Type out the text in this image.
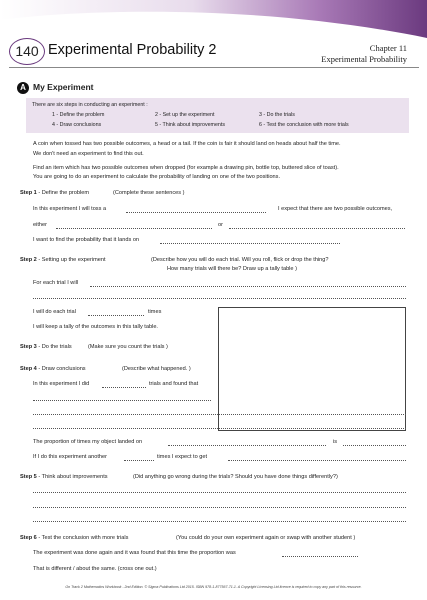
140 Experimental Probability 2	Chapter 11
Experimental Probability
A My Experiment
There are six steps in conducting an experiment :
1 - Define the problem	2 - Set up the experiment	3 - Do the trials
4 - Draw conclusions	5 - Think about improvements	6 - Test the conclusion with more trials
A coin when tossed has two possible outcomes, a head or a tail. If the coin is fair it should land on heads about half the time.
We don't need an experiment to find this out.
Find an item which has two possible outcomes when dropped (for example a drawing pin, bottle top, buttered slice of toast).
You are going to do an experiment to calculate the probability of landing on one of the two positions.
Step 1 - Define the problem	(Complete these sentences )
In this experiment I will toss a	I expect that there are two possible outcomes,
either	or
I want to find the probability that it lands on
Step 2 - Setting up the experiment	(Describe how you will do each trial. Will you roll, flick or drop the thing?
How many trials will there be? Draw up a tally table )
For each trial I will
I will do each trial	times
I will keep a tally of the outcomes in this tally table.
Step 3 - Do the trials	(Make sure you count the trials )
Step 4 - Draw conclusions	(Describe what happened. )
In this experiment I did	trials and found that
The proportion of times my object landed on	is
If I do this experiment another	times I expect to get
Step 5 - Think about improvements	(Did anything go wrong during the trials? Should you have done things differently?)
Step 6 - Test the conclusion with more trials	(You could do your own experiment again or swap with another student )
The experiment was done again and it was found that this time the proportion was
That is different / about the same. (cross one out.)
On Track 2 Mathematics Workbook - 2nd Edition. © Sigma Publications Ltd 2015. ISBN 978-1-877567-71-1. A Copyright Licensing Ltd licence is required to copy any part of this resource.
